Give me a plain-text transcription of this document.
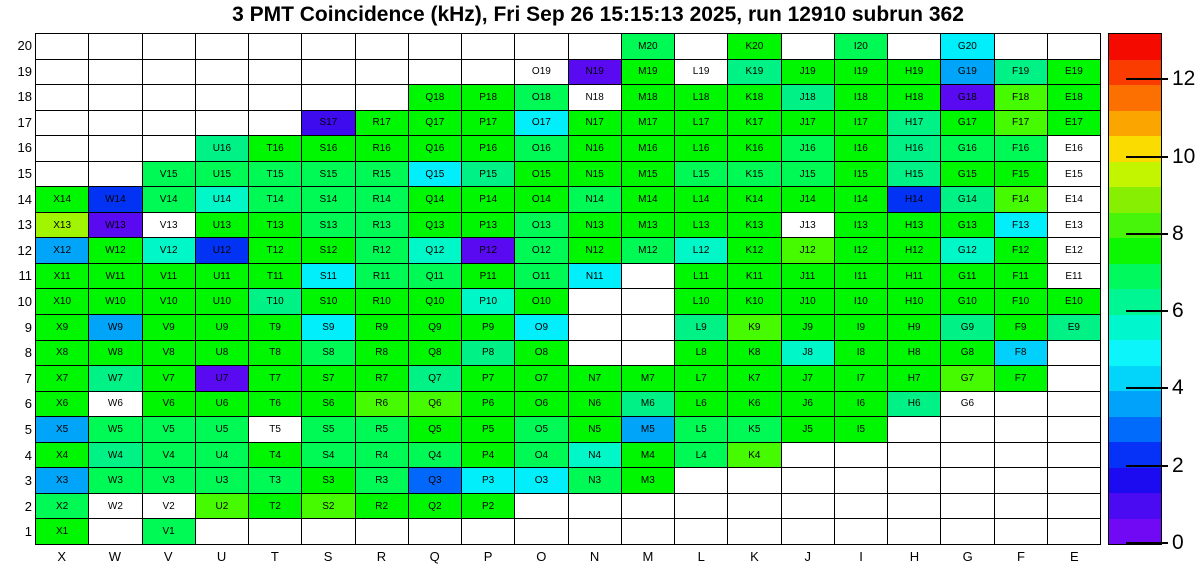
3 PMT Coincidence (kHz), Fri Sep 26 15:15:13 2025, run 12910 subrun 362
20
19
18
17
16
15
14
13
12
11
10
9
8
7
6
5
4
3
2
1
M20	K20	I20	G20
O19	N19	M19	L19	K19	J19	I19	H19	G19	F19	E19
Q18	P18	O18	N18	M18	L18	K18	J18	I18	H18	G18	F18	E18
S17	R17	Q17	P17	O17	N17	M17	L17	K17	J17	I17	H17	G17	F17	E17
U16	T16	S16	R16	Q16	P16	O16	N16	M16	L16	K16	J16	I16	H16	G16	F16	E16
V15	U15	T15	S15	R15	Q15	P15	O15	N15	M15	L15	K15	J15	I15	H15	G15	F15	E15
X14	W14	V14	U14	T14	S14	R14	Q14	P14	O14	N14	M14	L14	K14	J14	I14	H14	G14	F14	E14
X13	W13	V13	U13	T13	S13	R13	Q13	P13	O13	N13	M13	L13	K13	J13	I13	H13	G13	F13	E13
X12	W12	V12	U12	T12	S12	R12	Q12	P12	O12	N12	M12	L12	K12	J12	I12	H12	G12	F12	E12
X11	W11	V11	U11	T11	S11	R11	Q11	P11	O11	N11	L11	K11	J11	I11	H11	G11	F11	E11
X10	W10	V10	U10	T10	S10	R10	Q10	P10	O10	L10	K10	J10	I10	H10	G10	F10	E10
X9	W9	V9	U9	T9	S9	R9	Q9	P9	O9	L9	K9	J9	I9	H9	G9	F9	E9
X8	W8	V8	U8	T8	S8	R8	Q8	P8	O8	L8	K8	J8	I8	H8	G8	F8
X7	W7	V7	U7	T7	S7	R7	Q7	P7	O7	N7	M7	L7	K7	J7	I7	H7	G7	F7
X6	W6	V6	U6	T6	S6	R6	Q6	P6	O6	N6	M6	L6	K6	J6	I6	H6	G6
X5	W5	V5	U5	T5	S5	R5	Q5	P5	O5	N5	M5	L5	K5	J5	I5
X4	W4	V4	U4	T4	S4	R4	Q4	P4	O4	N4	M4	L4	K4
X3	W3	V3	U3	T3	S3	R3	Q3	P3	O3	N3	M3
X2	W2	V2	U2	T2	S2	R2	Q2	P2
X1	V1
X	W	V	U	T	S	R	Q	P	O	N	M	L	K	J	I	H	G	F	E
0
2
4
6
8
10
12
